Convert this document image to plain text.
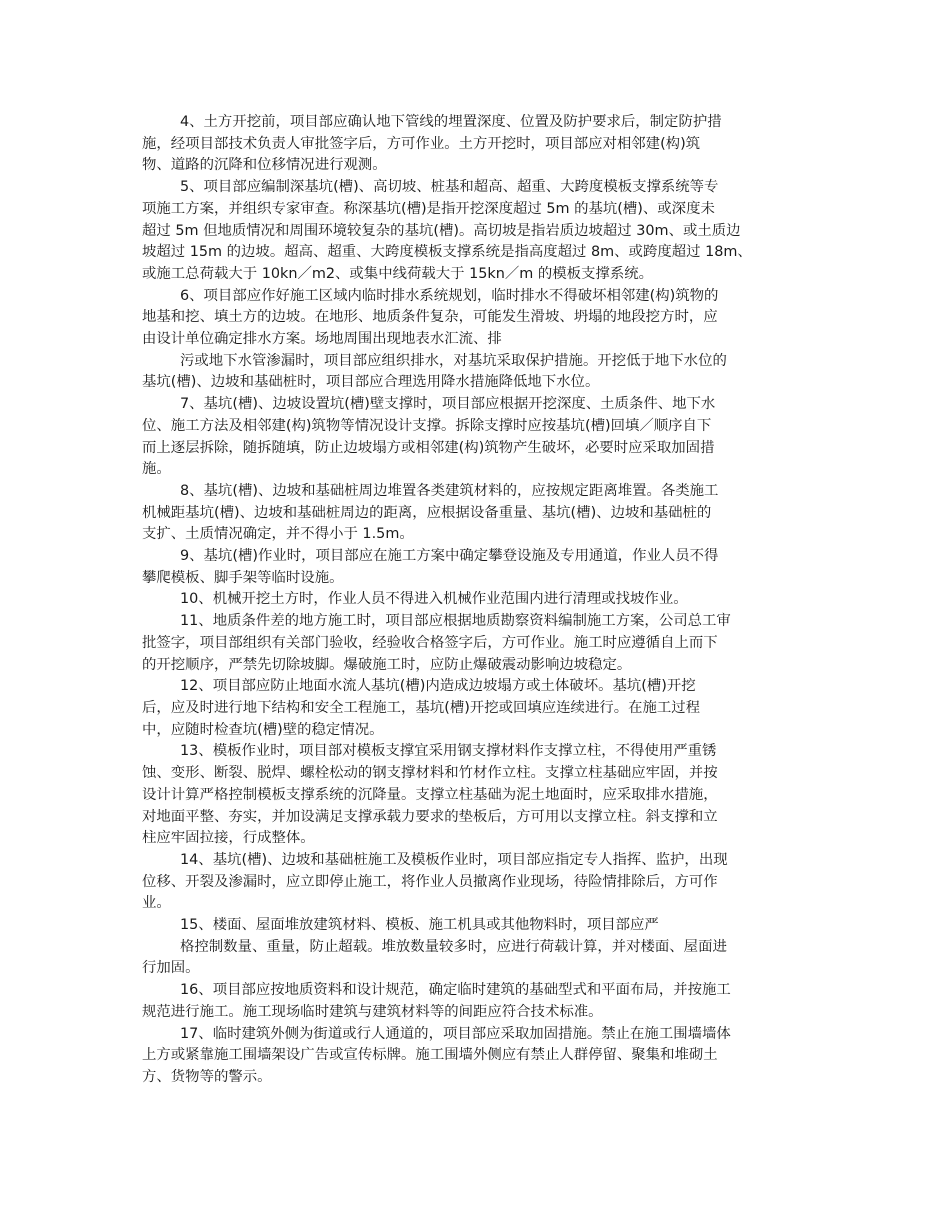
4、土方开挖前，项目部应确认地下管线的埋置深度、位置及防护要求后，制定防护措
施，经项目部技术负责人审批签字后，方可作业。土方开挖时，项目部应对相邻建(构)筑
物、道路的沉降和位移情况进行观测。
5、项目部应编制深基坑(槽)、高切坡、桩基和超高、超重、大跨度模板支撑系统等专
项施工方案，并组织专家审查。称深基坑(槽)是指开挖深度超过 5m 的基坑(槽)、或深度未
超过 5m 但地质情况和周围环境较复杂的基坑(槽)。高切坡是指岩质边坡超过 30m、或土质边
坡超过 15m 的边坡。超高、超重、大跨度模板支撑系统是指高度超过 8m、或跨度超过 18m、
或施工总荷载大于 10kn／m2、或集中线荷载大于 15kn／m 的模板支撑系统。
6、项目部应作好施工区域内临时排水系统规划，临时排水不得破坏相邻建(构)筑物的
地基和挖、填土方的边坡。在地形、地质条件复杂，可能发生滑坡、坍塌的地段挖方时，应
由设计单位确定排水方案。场地周围出现地表水汇流、排
污或地下水管渗漏时，项目部应组织排水，对基坑采取保护措施。开挖低于地下水位的
基坑(槽)、边坡和基础桩时，项目部应合理选用降水措施降低地下水位。
7、基坑(槽)、边坡设置坑(槽)壁支撑时，项目部应根据开挖深度、土质条件、地下水
位、施工方法及相邻建(构)筑物等情况设计支撑。拆除支撑时应按基坑(槽)回填／顺序自下
而上逐层拆除，随拆随填，防止边坡塌方或相邻建(构)筑物产生破坏，必要时应采取加固措
施。
8、基坑(槽)、边坡和基础桩周边堆置各类建筑材料的，应按规定距离堆置。各类施工
机械距基坑(槽)、边坡和基础桩周边的距离，应根据设备重量、基坑(槽)、边坡和基础桩的
支扩、土质情况确定，并不得小于 1.5m。
9、基坑(槽)作业时，项目部应在施工方案中确定攀登设施及专用通道，作业人员不得
攀爬模板、脚手架等临时设施。
10、机械开挖土方时，作业人员不得进入机械作业范围内进行清理或找坡作业。
11、地质条件差的地方施工时，项目部应根据地质勘察资料编制施工方案，公司总工审
批签字，项目部组织有关部门验收，经验收合格签字后，方可作业。施工时应遵循自上而下
的开挖顺序，严禁先切除坡脚。爆破施工时，应防止爆破震动影响边坡稳定。
12、项目部应防止地面水流人基坑(槽)内造成边坡塌方或土体破坏。基坑(槽)开挖
后，应及时进行地下结构和安全工程施工，基坑(槽)开挖或回填应连续进行。在施工过程
中，应随时检查坑(槽)壁的稳定情况。
13、模板作业时，项目部对模板支撑宜采用钢支撑材料作支撑立柱，不得使用严重锈
蚀、变形、断裂、脱焊、螺栓松动的钢支撑材料和竹材作立柱。支撑立柱基础应牢固，并按
设计计算严格控制模板支撑系统的沉降量。支撑立柱基础为泥土地面时，应采取排水措施，
对地面平整、夯实，并加设满足支撑承载力要求的垫板后，方可用以支撑立柱。斜支撑和立
柱应牢固拉接，行成整体。
14、基坑(槽)、边坡和基础桩施工及模板作业时，项目部应指定专人指挥、监护，出现
位移、开裂及渗漏时，应立即停止施工，将作业人员撤离作业现场，待险情排除后，方可作
业。
15、楼面、屋面堆放建筑材料、模板、施工机具或其他物料时，项目部应严
格控制数量、重量，防止超载。堆放数量较多时，应进行荷载计算，并对楼面、屋面进
行加固。
16、项目部应按地质资料和设计规范，确定临时建筑的基础型式和平面布局，并按施工
规范进行施工。施工现场临时建筑与建筑材料等的间距应符合技术标准。
17、临时建筑外侧为街道或行人通道的，项目部应采取加固措施。禁止在施工围墙墙体
上方或紧靠施工围墙架设广告或宣传标牌。施工围墙外侧应有禁止人群停留、聚集和堆砌土
方、货物等的警示。
